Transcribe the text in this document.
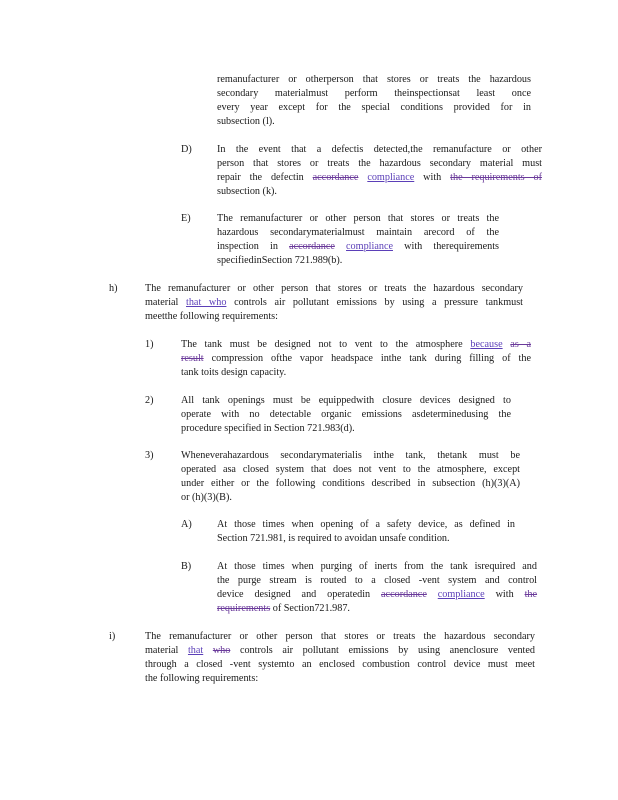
remanufacturer or otherperson that stores or treats the hazardous
secondary materialmust perform theinspectionsat least once
every year except for the special conditions provided for in
subsection (l).
D) In the event that a defectis detected,the remanufacture or other
person that stores or treats the hazardous secondary material must
repair the defectin accordance compliance with the requirements of
subsection (k).
E)	The remanufacturer or other person that stores or treats the
hazardous secondarymaterialmust maintain arecord of the
inspection in accordance compliance with therequirements
specifiedinSection 721.989(b).
h)	The remanufacturer or other person that stores or treats the hazardous secondary
material that who controls air pollutant emissions by using a pressure tankmust
meetthe following requirements:
1)	The tank must be designed not to vent to the atmosphere because as a
result compression ofthe vapor headspace inthe tank during filling of the
tank toits design capacity.
2)	All tank openings must be equippedwith closure devices designed to
operate with no detectable organic emissions asdeterminedusing the
procedure specified in Section 721.983(d).
3)	Wheneverahazardous secondarymaterialis inthe tank, thetank must be
operated asa closed system that does not vent to the atmosphere, except
under either or the following conditions described in subsection (h)(3)(A)
or (h)(3)(B).
A) At those times when opening of a safety device, as defined in
Section 721.981, is required to avoidan unsafe condition.
B)	At those times when purging of inerts from the tank isrequired and
the purge stream is routed to a closed -vent system and control
device designed and operatedin accordance compliance with the
requirements of Section721.987.
i)	The remanufacturer or other person that stores or treats the hazardous secondary
material that who controls air pollutant emissions by using anenclosure vented
through a closed -vent systemto an enclosed combustion control device must meet
the following requirements:
